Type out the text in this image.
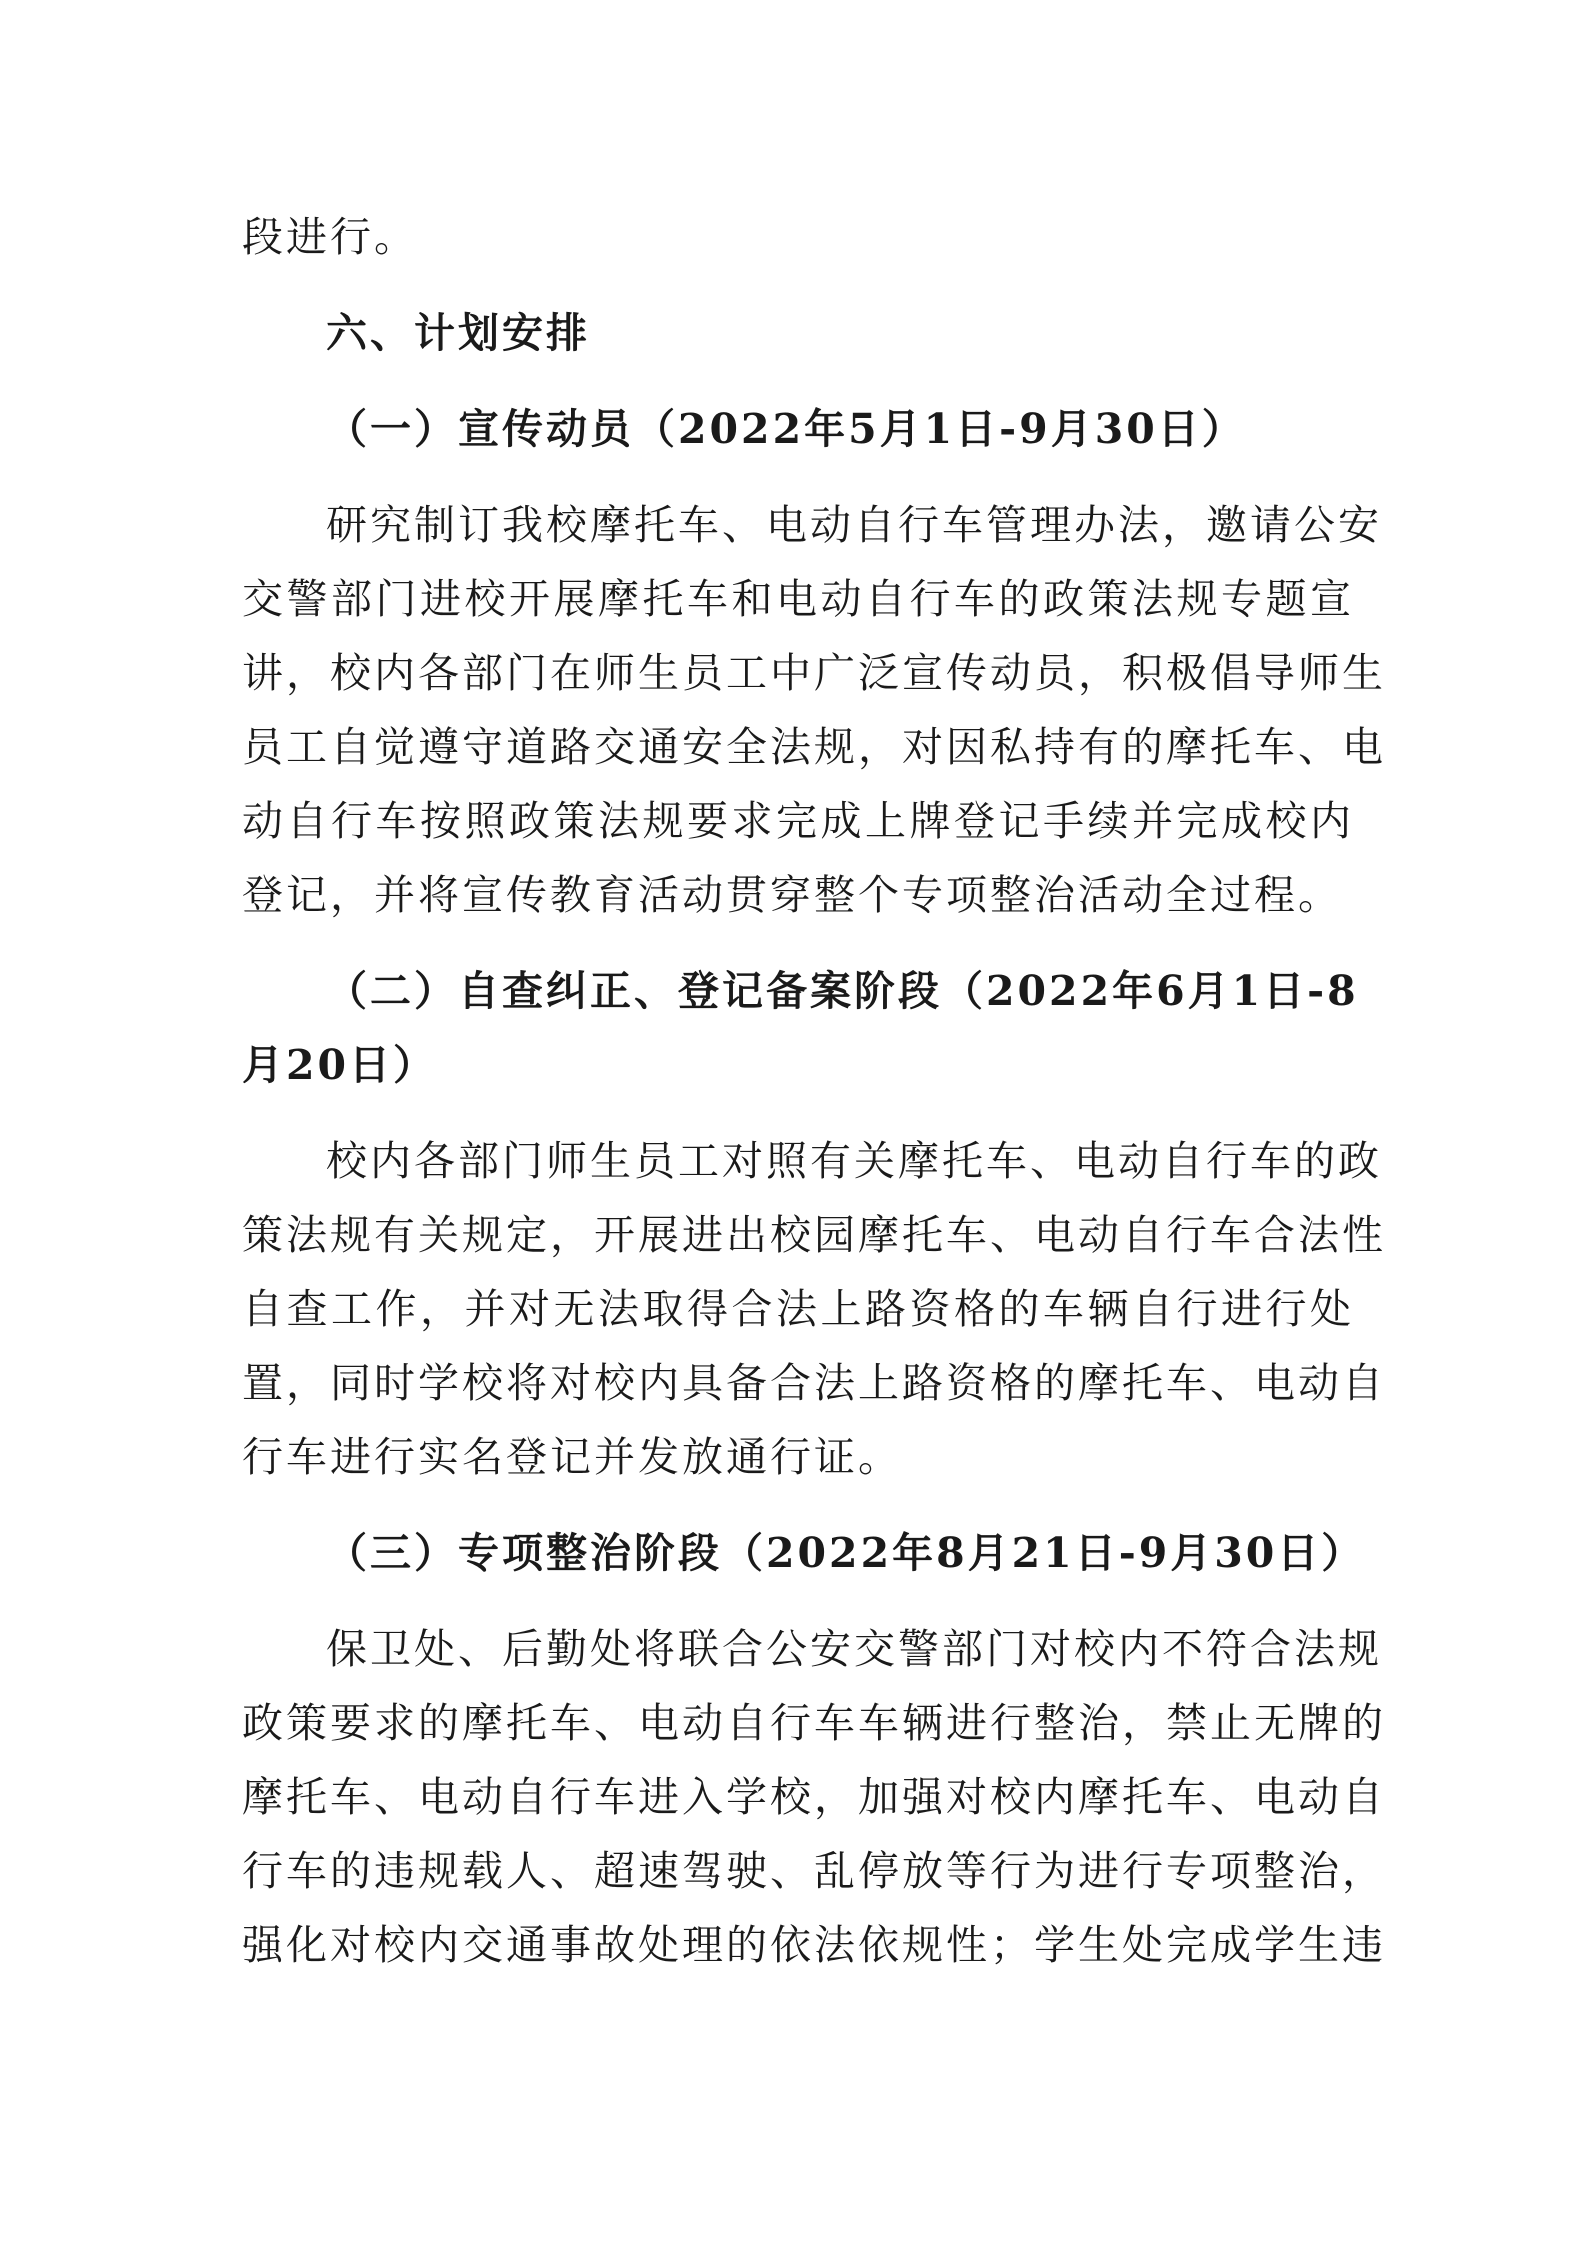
段进行。
六、计划安排
（一）宣传动员（2022年5月1日-9月30日）
研究制订我校摩托车、电动自行车管理办法，邀请公安
交警部门进校开展摩托车和电动自行车的政策法规专题宣
讲，校内各部门在师生员工中广泛宣传动员，积极倡导师生
员工自觉遵守道路交通安全法规，对因私持有的摩托车、电
动自行车按照政策法规要求完成上牌登记手续并完成校内
登记，并将宣传教育活动贯穿整个专项整治活动全过程。
（二）自查纠正、登记备案阶段（2022年6月1日-8
月20日）
校内各部门师生员工对照有关摩托车、电动自行车的政
策法规有关规定，开展进出校园摩托车、电动自行车合法性
自查工作，并对无法取得合法上路资格的车辆自行进行处
置，同时学校将对校内具备合法上路资格的摩托车、电动自
行车进行实名登记并发放通行证。
（三）专项整治阶段（2022年8月21日-9月30日）
保卫处、后勤处将联合公安交警部门对校内不符合法规
政策要求的摩托车、电动自行车车辆进行整治，禁止无牌的
摩托车、电动自行车进入学校，加强对校内摩托车、电动自
行车的违规载人、超速驾驶、乱停放等行为进行专项整治，
强化对校内交通事故处理的依法依规性；学生处完成学生违
